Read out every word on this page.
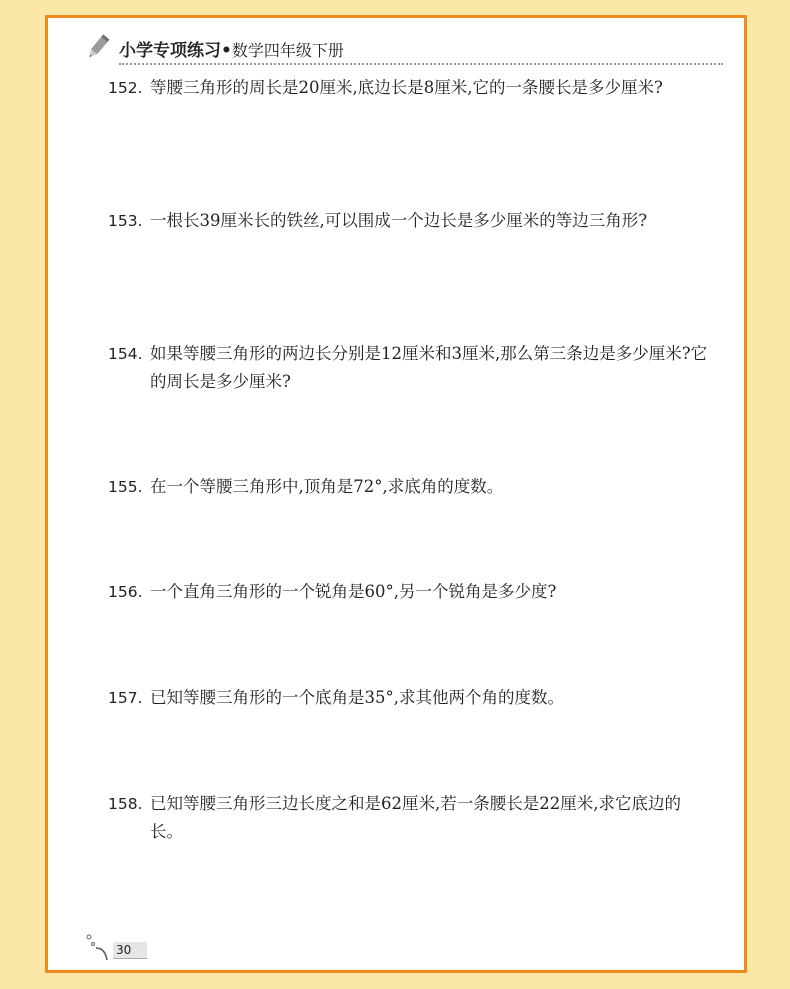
小学专项练习•数学四年级下册
152. 等腰三角形的周长是20厘米,底边长是8厘米,它的一条腰长是多少厘米?
153. 一根长39厘米长的铁丝,可以围成一个边长是多少厘米的等边三角形?
154. 如果等腰三角形的两边长分别是12厘米和3厘米,那么第三条边是多少厘米?它的周长是多少厘米?
155. 在一个等腰三角形中,顶角是72°,求底角的度数。
156. 一个直角三角形的一个锐角是60°,另一个锐角是多少度?
157. 已知等腰三角形的一个底角是35°,求其他两个角的度数。
158. 已知等腰三角形三边长度之和是62厘米,若一条腰长是22厘米,求它底边的长。
30
